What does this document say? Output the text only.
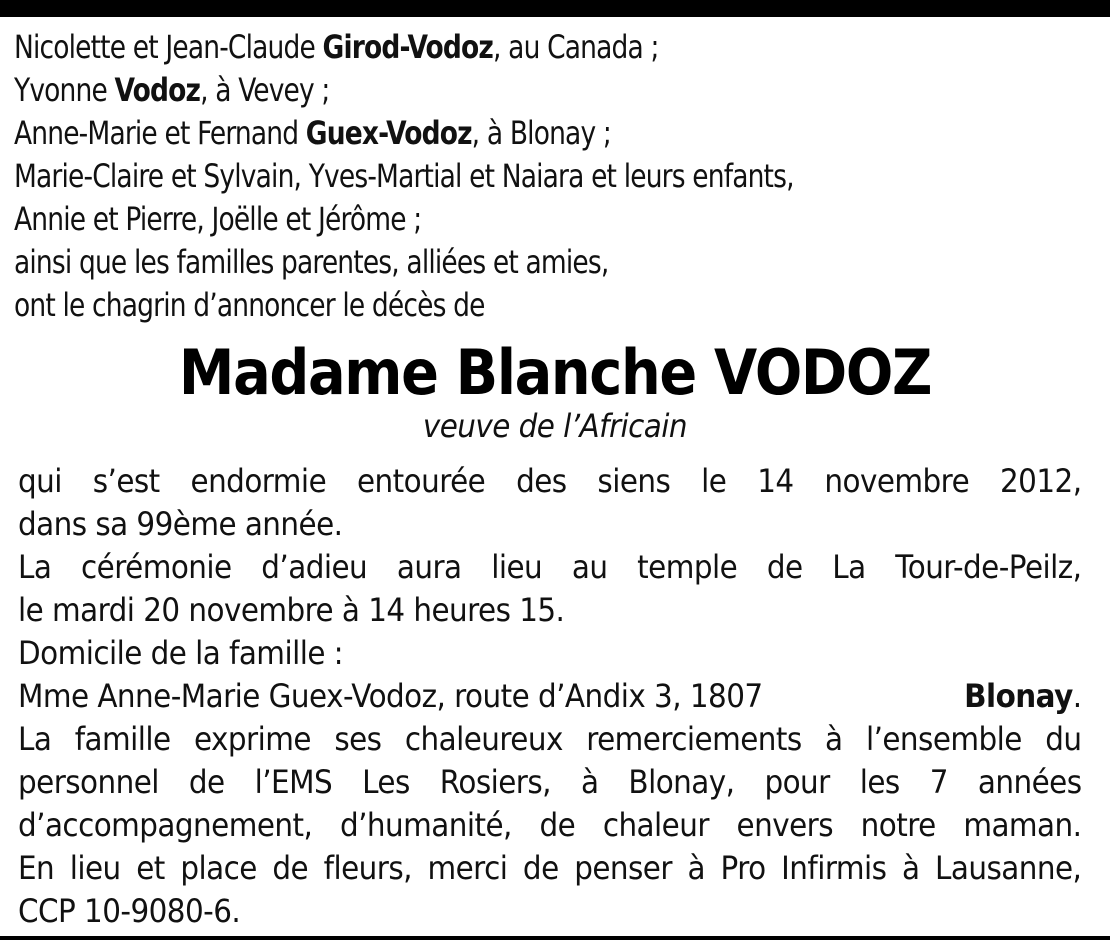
Nicolette et Jean-Claude Girod-Vodoz, au Canada ;
Yvonne Vodoz, à Vevey ;
Anne-Marie et Fernand Guex-Vodoz, à Blonay ;
Marie-Claire et Sylvain, Yves-Martial et Naiara et leurs enfants,
Annie et Pierre, Joëlle et Jérôme ;
ainsi que les familles parentes, alliées et amies,
ont le chagrin d’annoncer le décès de
Madame Blanche VODOZ
veuve de l’Africain
qui s’est endormie entourée des siens le 14 novembre 2012,
dans sa 99ème année.
La cérémonie d’adieu aura lieu au temple de La Tour-de-Peilz,
le mardi 20 novembre à 14 heures 15.
Domicile de la famille :
Mme Anne-Marie Guex-Vodoz, route d’Andix 3, 1807	Blonay.
La famille exprime ses chaleureux remerciements à l’ensemble du
personnel de l’EMS Les Rosiers, à Blonay, pour les 7 années
d’accompagnement, d’humanité, de chaleur envers notre maman.
En lieu et place de fleurs, merci de penser à Pro Infirmis à Lausanne,
CCP 10-9080-6.
